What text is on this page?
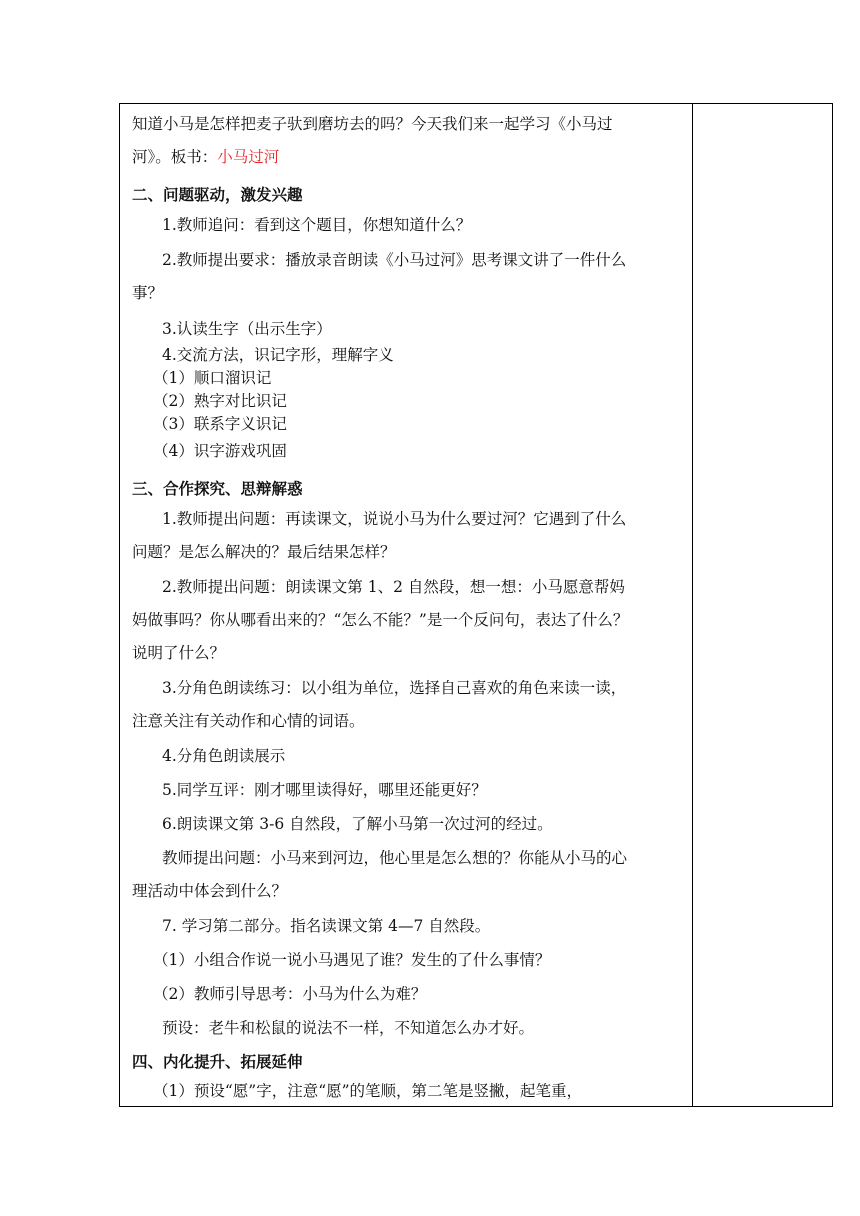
知道小马是怎样把麦子驮到磨坊去的吗？今天我们来一起学习《小马过
河》。板书：小马过河
二、问题驱动，激发兴趣
1.教师追问：看到这个题目，你想知道什么？
2.教师提出要求：播放录音朗读《小马过河》思考课文讲了一件什么
事？
3.认读生字（出示生字）
4.交流方法，识记字形，理解字义
（1）顺口溜识记
（2）熟字对比识记
（3）联系字义识记
（4）识字游戏巩固
三、合作探究、思辩解惑
1.教师提出问题：再读课文，说说小马为什么要过河？它遇到了什么
问题？是怎么解决的？最后结果怎样？
2.教师提出问题：朗读课文第 1、2 自然段，想一想：小马愿意帮妈
妈做事吗？你从哪看出来的？“怎么不能？”是一个反问句，表达了什么？
说明了什么？
3.分角色朗读练习：以小组为单位，选择自己喜欢的角色来读一读，
注意关注有关动作和心情的词语。
4.分角色朗读展示
5.同学互评：刚才哪里读得好，哪里还能更好？
6.朗读课文第 3-6 自然段，了解小马第一次过河的经过。
教师提出问题：小马来到河边，他心里是怎么想的？你能从小马的心
理活动中体会到什么？
7. 学习第二部分。指名读课文第 4—7 自然段。
（1）小组合作说一说小马遇见了谁？发生的了什么事情？
（2）教师引导思考：小马为什么为难？
预设：老牛和松鼠的说法不一样，不知道怎么办才好。
四、内化提升、拓展延伸
（1）预设“愿”字，注意“愿”的笔顺，第二笔是竖撇，起笔重，
